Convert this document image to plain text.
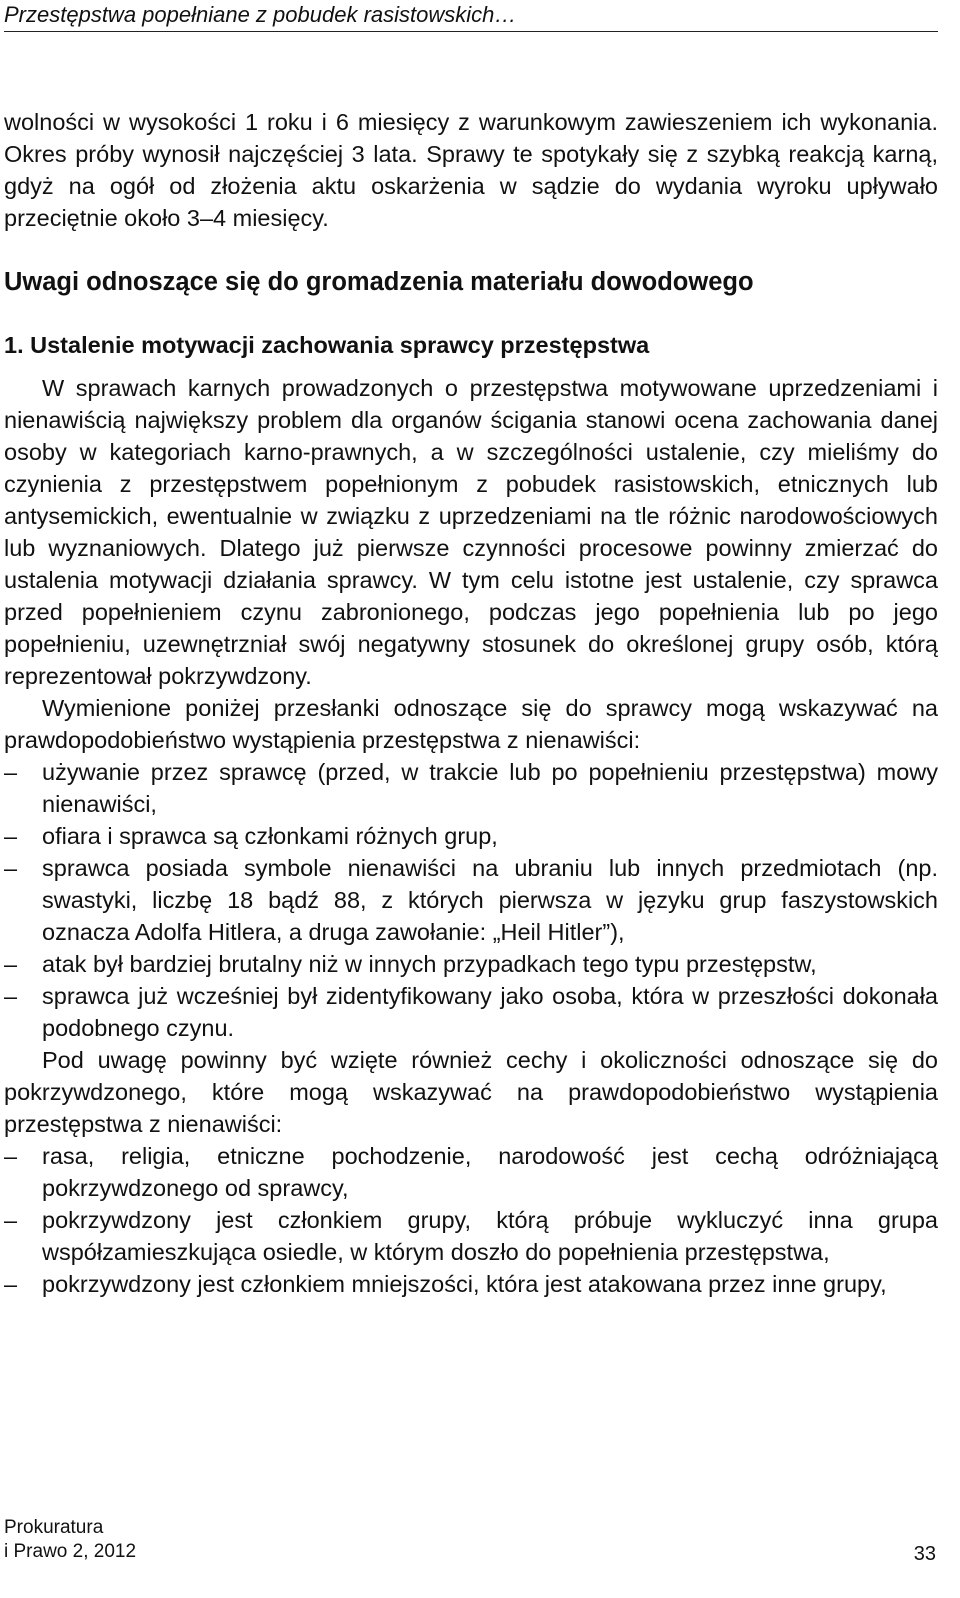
Przestępstwa popełniane z pobudek rasistowskich…

wolności w wysokości 1 roku i 6 miesięcy z warunkowym zawieszeniem ich wykonania. Okres próby wynosił najczęściej 3 lata. Sprawy te spotykały się z szybką reakcją karną, gdyż na ogół od złożenia aktu oskarżenia w sądzie do wydania wyroku upływało przeciętnie około 3–4 miesięcy.

Uwagi odnoszące się do gromadzenia materiału dowodowego
1. Ustalenie motywacji zachowania sprawcy przestępstwa

W sprawach karnych prowadzonych o przestępstwa motywowane uprzedzeniami i nienawiścią największy problem dla organów ścigania stanowi ocena zachowania danej osoby w kategoriach karno-prawnych, a w szczególności ustalenie, czy mieliśmy do czynienia z przestępstwem popełnionym z pobudek rasistowskich, etnicznych lub antysemickich, ewentualnie w związku z uprzedzeniami na tle różnic narodowościowych lub wyznaniowych. Dlatego już pierwsze czynności procesowe powinny zmierzać do ustalenia motywacji działania sprawcy. W tym celu istotne jest ustalenie, czy sprawca przed popełnieniem czynu zabronionego, podczas jego popełnienia lub po jego popełnieniu, uzewnętrzniał swój negatywny stosunek do określonej grupy osób, którą reprezentował pokrzywdzony.

Wymienione poniżej przesłanki odnoszące się do sprawcy mogą wskazywać na prawdopodobieństwo wystąpienia przestępstwa z nienawiści:

–	używanie przez sprawcę (przed, w trakcie lub po popełnieniu przestępstwa) mowy nienawiści,
–	ofiara i sprawca są członkami różnych grup,
–	sprawca posiada symbole nienawiści na ubraniu lub innych przedmiotach (np. swastyki, liczbę 18 bądź 88, z których pierwsza w języku grup faszystowskich oznacza Adolfa Hitlera, a druga zawołanie: „Heil Hitler”),
–	atak był bardziej brutalny niż w innych przypadkach tego typu przestępstw,
–	sprawca już wcześniej był zidentyfikowany jako osoba, która w przeszłości dokonała podobnego czynu.

Pod uwagę powinny być wzięte również cechy i okoliczności odnoszące się do pokrzywdzonego, które mogą wskazywać na prawdopodobieństwo wystąpienia przestępstwa z nienawiści:

–	rasa, religia, etniczne pochodzenie, narodowość jest cechą odróżniającą pokrzywdzonego od sprawcy,
–	pokrzywdzony jest członkiem grupy, którą próbuje wykluczyć inna grupa współzamieszkująca osiedle, w którym doszło do popełnienia przestępstwa,
–	pokrzywdzony jest członkiem mniejszości, która jest atakowana przez inne grupy,
Prokuratura
i Prawo 2, 2012	33
